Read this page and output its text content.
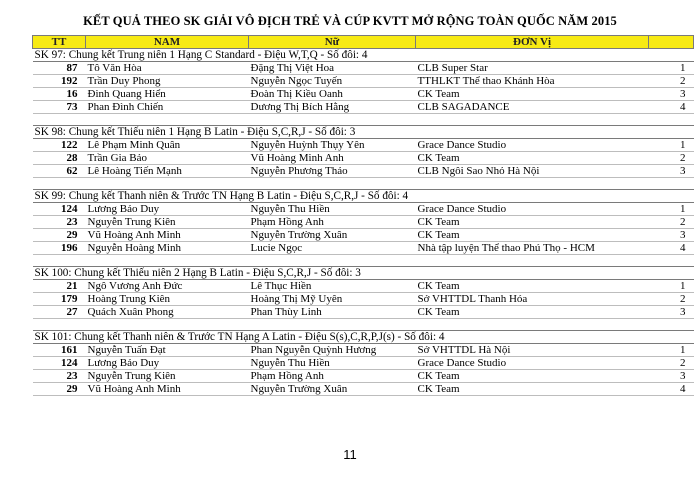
KẾT QUẢ THEO SK GIẢI VÔ ĐỊCH TRẺ VÀ CÚP KVTT MỞ RỘNG TOÀN QUỐC NĂM 2015
TT	NAM	Nữ	ĐƠN Vị	
SK 97: Chung kết Trung niên 1 Hạng C Standard - Điệu W,T,Q - Số đôi: 4				
87	Tô Văn Hòa	Đặng Thị Việt Hoa	CLB Super Star	1
192	Trần Duy Phong	Nguyễn Ngọc Tuyến	TTHLKT Thể thao Khánh Hòa	2
16	Đinh Quang Hiển	Đoàn Thị Kiều Oanh	CK Team	3
73	Phan Đình Chiến	Dương Thị Bích Hằng	CLB SAGADANCE	4

SK 98: Chung kết Thiếu niên 1 Hạng B Latin - Điệu S,C,R,J - Số đôi: 3				
122	Lê Phạm Minh Quân	Nguyễn Huỳnh Thụy Yên	Grace Dance Studio	1
28	Trần Gia Bảo	Vũ Hoàng Minh Anh	CK Team	2
62	Lê Hoàng Tiến Mạnh	Nguyễn Phương Thảo	CLB Ngôi Sao Nhỏ Hà Nội	3

SK 99: Chung kết Thanh niên & Trước TN Hạng B Latin - Điệu S,C,R,J - Số đôi: 4				
124	Lương Bảo Duy	Nguyễn Thu Hiền	Grace Dance Studio	1
23	Nguyễn Trung Kiên	Phạm Hồng Anh	CK Team	2
29	Vũ Hoàng Anh Minh	Nguyễn Trường Xuân	CK Team	3
196	Nguyễn Hoàng Minh	Lucie Ngọc	Nhà tập luyện Thể thao Phú Thọ - HCM	4

SK 100: Chung kết Thiếu niên 2 Hạng B Latin - Điệu S,C,R,J - Số đôi: 3				
21	Ngô Vương Anh Đức	Lê Thục Hiền	CK Team	1
179	Hoàng Trung Kiên	Hoàng Thị Mỹ Uyên	Sở VHTTDL Thanh Hóa	2
27	Quách Xuân Phong	Phan Thùy Linh	CK Team	3

SK 101: Chung kết Thanh niên & Trước TN Hạng A Latin - Điệu S(s),C,R,P,J(s) - Số đôi: 4				
161	Nguyễn Tuấn Đạt	Phan Nguyễn Quỳnh Hương	Sở VHTTDL Hà Nội	1
124	Lương Bảo Duy	Nguyễn Thu Hiền	Grace Dance Studio	2
23	Nguyễn Trung Kiên	Phạm Hồng Anh	CK Team	3
29	Vũ Hoàng Anh Minh	Nguyễn Trường Xuân	CK Team	4
11
